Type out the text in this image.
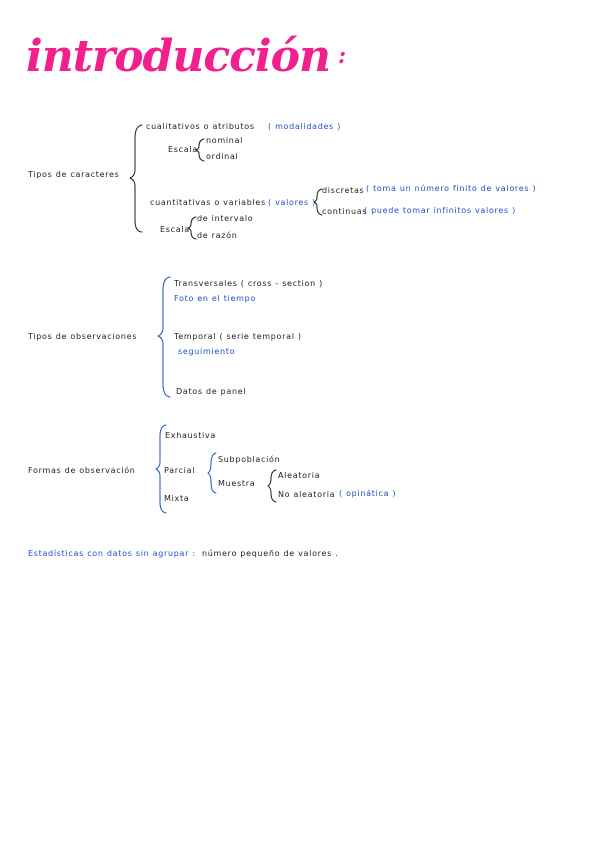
introducción :
Tipos de caracteres
cualitativos o atributos ( modalidades )
Escala
nominal
ordinal
cuantitativas o variables ( valores )
discretas ( toma un número finito de valores )
continuas
( puede tomar infinitos valores )
Escala
de intervalo
de razón
Tipos de observaciones
Transversales ( cross - section )
Foto en el tiempo
Temporal ( serie temporal )
seguimiento
Datos de panel
Formas de observación
Exhaustiva
Parcial
Mixta
Subpoblación
Muestra
Aleatoria
No aleatoria ( opinática )
Estadísticas con datos sin agrupar : número pequeño de valores .
